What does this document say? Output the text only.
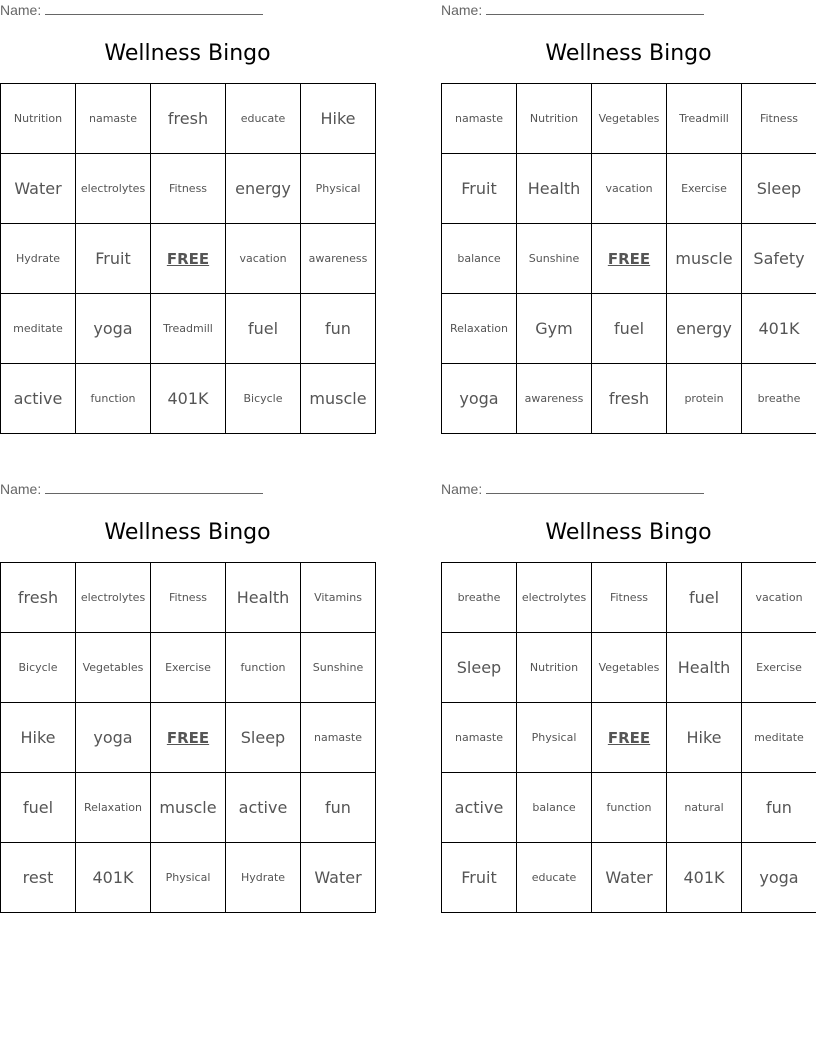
Name:
Wellness Bingo
Nutrition	namaste	fresh	educate	Hike
Water	electrolytes	Fitness	energy	Physical
Hydrate	Fruit	FREE	vacation	awareness
meditate	yoga	Treadmill	fuel	fun
active	function	401K	Bicycle	muscle
Name:
Wellness Bingo
namaste	Nutrition	Vegetables	Treadmill	Fitness
Fruit	Health	vacation	Exercise	Sleep
balance	Sunshine	FREE	muscle	Safety
Relaxation	Gym	fuel	energy	401K
yoga	awareness	fresh	protein	breathe
Name:
Wellness Bingo
fresh	electrolytes	Fitness	Health	Vitamins
Bicycle	Vegetables	Exercise	function	Sunshine
Hike	yoga	FREE	Sleep	namaste
fuel	Relaxation	muscle	active	fun
rest	401K	Physical	Hydrate	Water
Name:
Wellness Bingo
breathe	electrolytes	Fitness	fuel	vacation
Sleep	Nutrition	Vegetables	Health	Exercise
namaste	Physical	FREE	Hike	meditate
active	balance	function	natural	fun
Fruit	educate	Water	401K	yoga
